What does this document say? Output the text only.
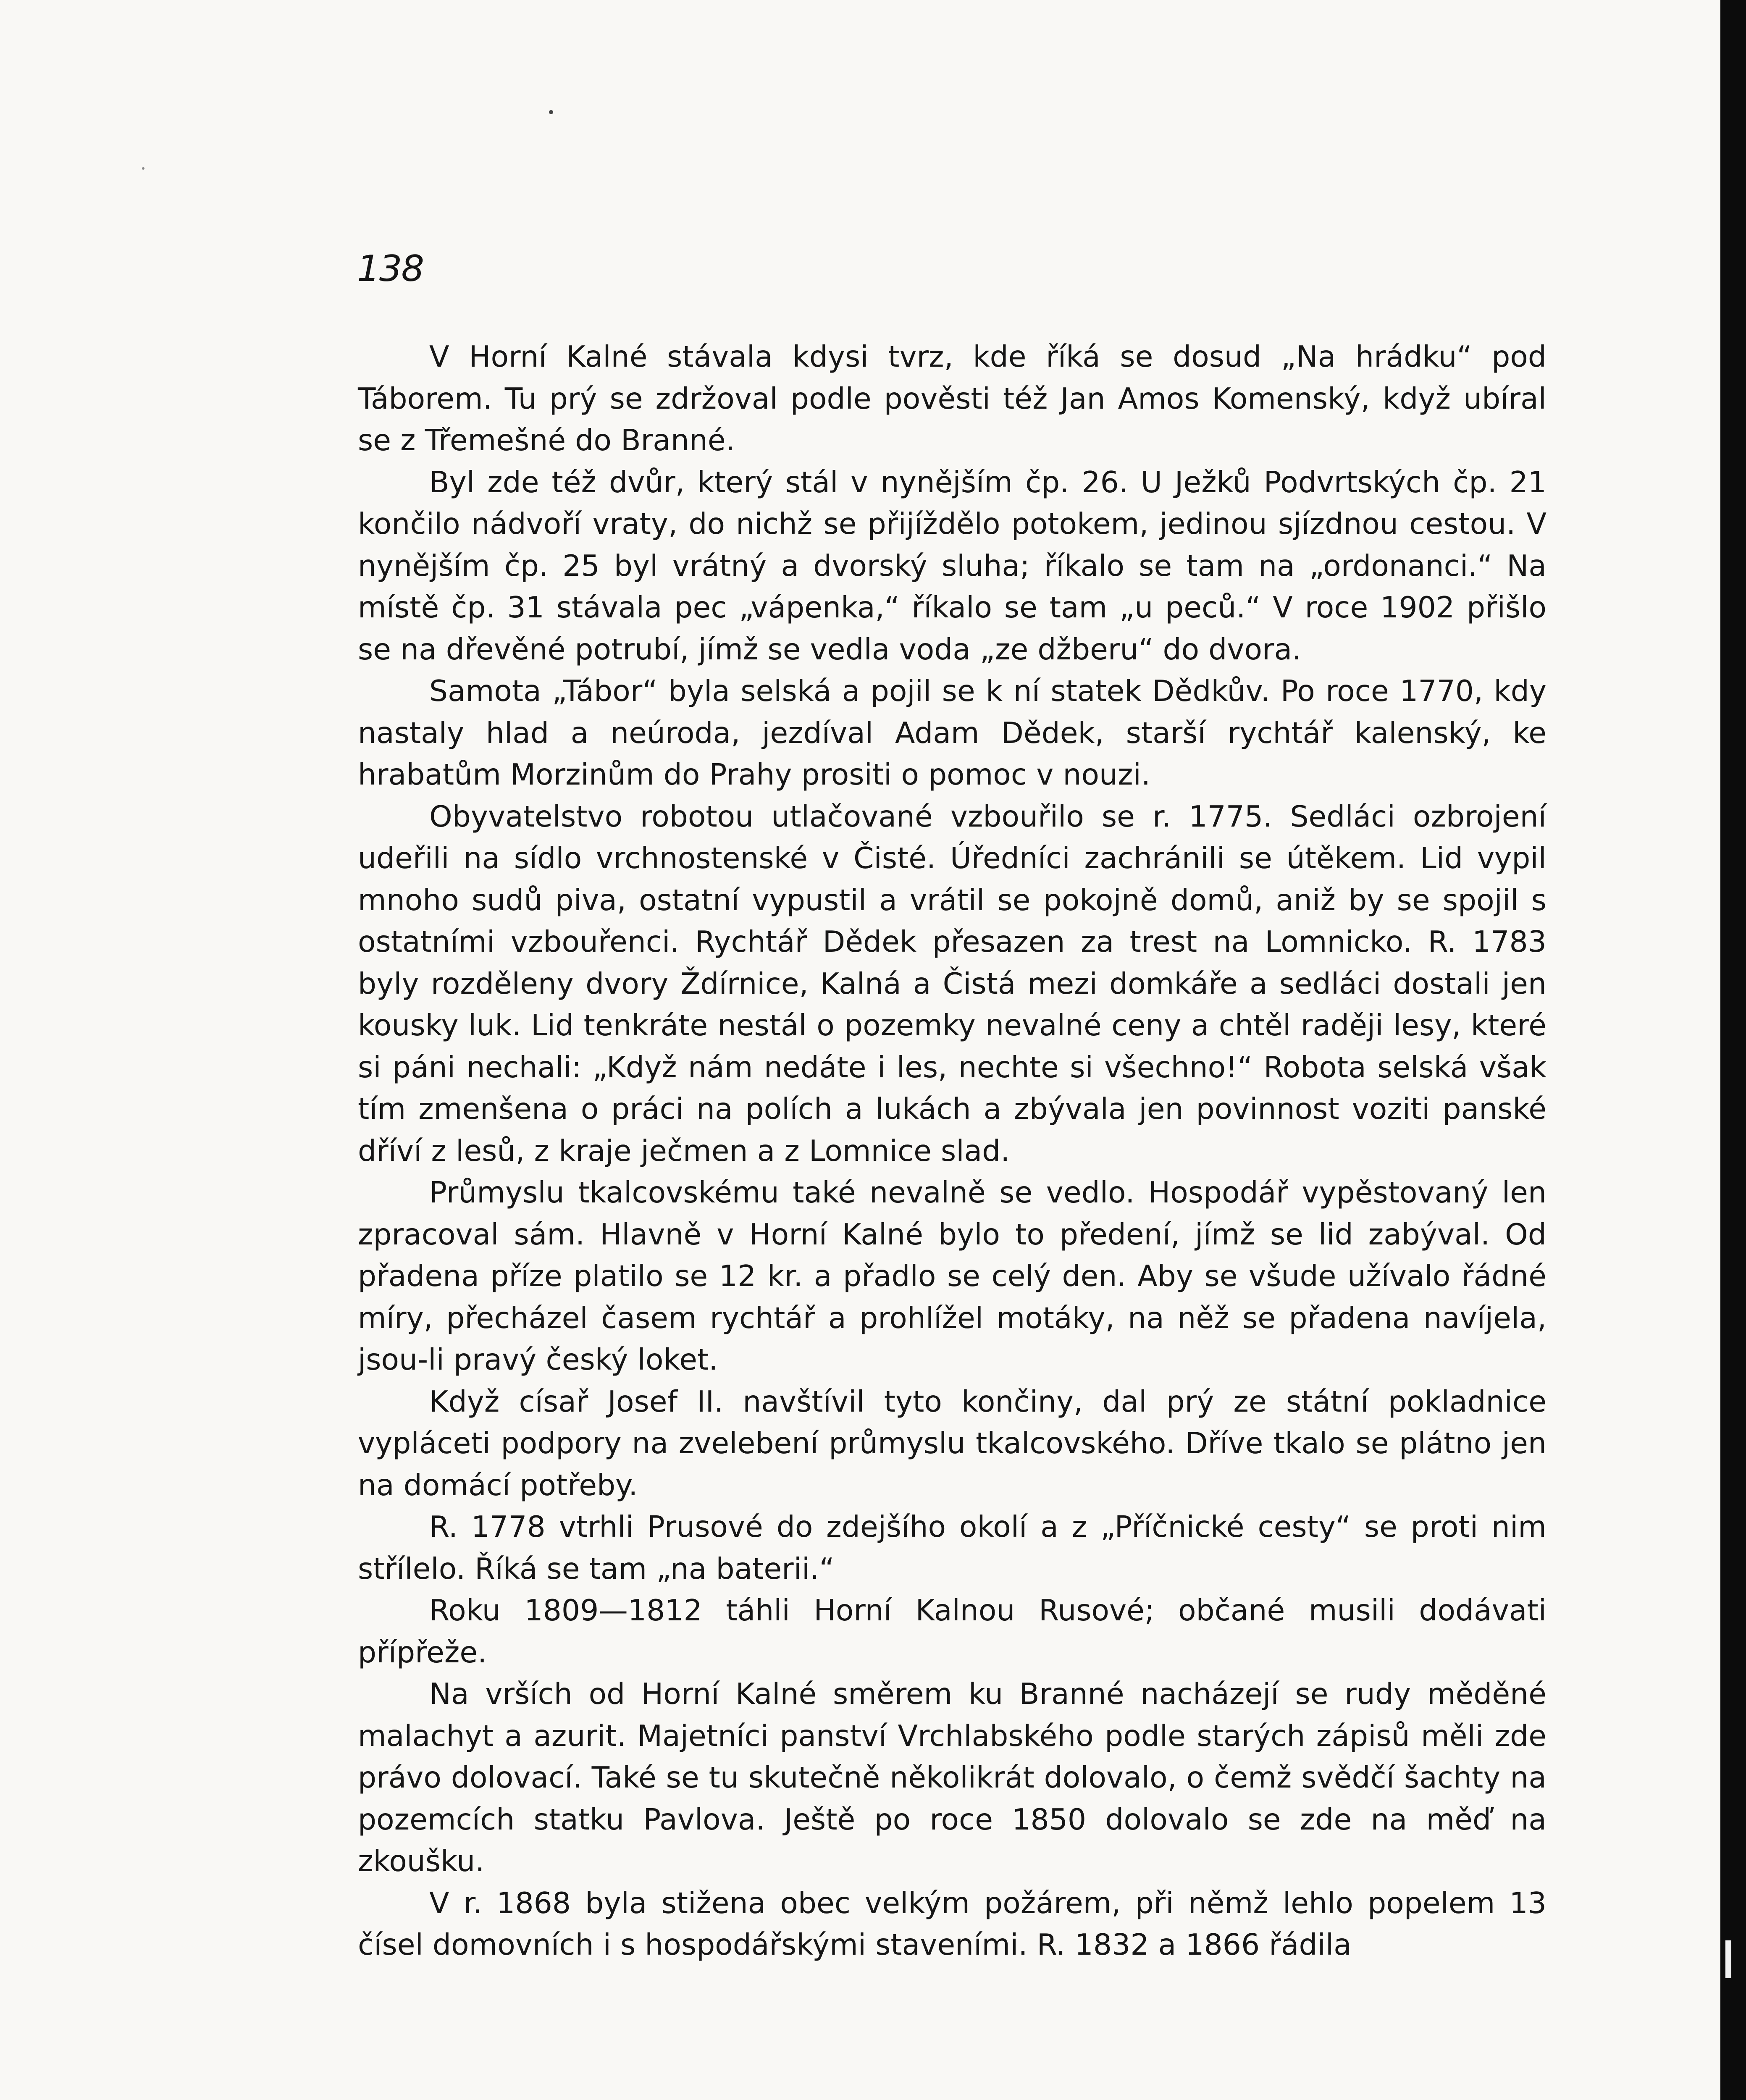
138

V Horní Kalné stávala kdysi tvrz, kde říká se dosud „Na hrádku“ pod Táborem. Tu prý se zdržoval podle pověsti též Jan Amos Komenský, když ubíral se z Třemešné do Branné.

Byl zde též dvůr, který stál v nynějším čp. 26. U Ježků Podvrtských čp. 21 končilo nádvoří vraty, do nichž se přijíždělo potokem, jedinou sjízdnou cestou. V nynějším čp. 25 byl vrátný a dvorský sluha; říkalo se tam na „ordonanci.“ Na místě čp. 31 stávala pec „vápenka,“ říkalo se tam „u peců.“ V roce 1902 přišlo se na dřevěné potrubí, jímž se vedla voda „ze džberu“ do dvora.

Samota „Tábor“ byla selská a pojil se k ní statek Dědkův. Po roce 1770, kdy nastaly hlad a neúroda, jezdíval Adam Dědek, starší rychtář kalenský, ke hrabatům Morzinům do Prahy prositi o pomoc v nouzi.

Obyvatelstvo robotou utlačované vzbouřilo se r. 1775. Sedláci ozbrojení udeřili na sídlo vrchnostenské v Čisté. Úředníci zachránili se útěkem. Lid vypil mnoho sudů piva, ostatní vypustil a vrátil se pokojně domů, aniž by se spojil s ostatními vzbouřenci. Rychtář Dědek přesazen za trest na Lomnicko. R. 1783 byly rozděleny dvory Ždírnice, Kalná a Čistá mezi domkáře a sedláci dostali jen kousky luk. Lid tenkráte nestál o pozemky nevalné ceny a chtěl raději lesy, které si páni nechali: „Když nám nedáte i les, nechte si všechno!“ Robota selská však tím zmenšena o práci na polích a lukách a zbývala jen povinnost voziti panské dříví z lesů, z kraje ječmen a z Lomnice slad.

Průmyslu tkalcovskému také nevalně se vedlo. Hospodář vypěstovaný len zpracoval sám. Hlavně v Horní Kalné bylo to předení, jímž se lid zabýval. Od přadena příze platilo se 12 kr. a přadlo se celý den. Aby se všude užívalo řádné míry, přecházel časem rychtář a prohlížel motáky, na něž se přadena navíjela, jsou-li pravý český loket.

Když císař Josef II. navštívil tyto končiny, dal prý ze státní pokladnice vypláceti podpory na zvelebení průmyslu tkalcovského. Dříve tkalo se plátno jen na domácí potřeby.

R. 1778 vtrhli Prusové do zdejšího okolí a z „Příčnické cesty“ se proti nim střílelo. Říká se tam „na baterii.“

Roku 1809—1812 táhli Horní Kalnou Rusové; občané musili dodávati přípřeže.

Na vrších od Horní Kalné směrem ku Branné nacházejí se rudy měděné malachyt a azurit. Majetníci panství Vrchlabského podle starých zápisů měli zde právo dolovací. Také se tu skutečně několikrát dolovalo, o čemž svědčí šachty na pozemcích statku Pavlova. Ještě po roce 1850 dolovalo se zde na měď na zkoušku.

V r. 1868 byla stižena obec velkým požárem, při němž lehlo popelem 13 čísel domovních i s hospodářskými staveními. R. 1832 a 1866 řádila
